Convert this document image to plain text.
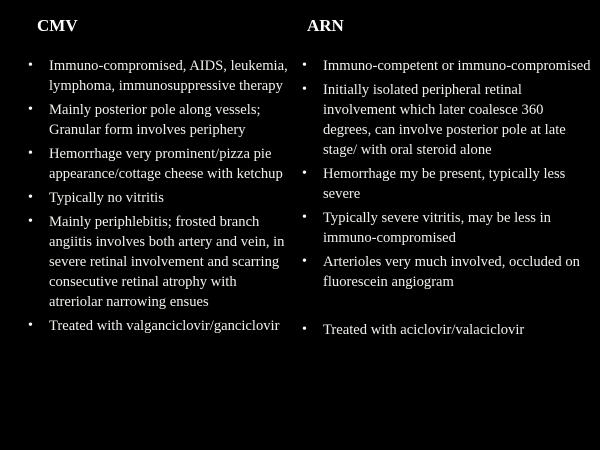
CMV
• Immuno-compromised, AIDS, leukemia, lymphoma, immunosuppressive therapy
• Mainly posterior pole along vessels; Granular form involves periphery
• Hemorrhage very prominent/pizza pie appearance/cottage cheese with ketchup
• Typically no vitritis
• Mainly periphlebitis; frosted branch angiitis involves both artery and vein, in severe retinal involvement and scarring consecutive retinal atrophy with atreriolar narrowing ensues
• Treated with valganciclovir/ganciclovir
ARN
• Immuno-competent or immuno-compromised
• Initially isolated peripheral retinal involvement which later coalesce 360 degrees, can involve posterior pole at late stage/ with oral steroid alone
• Hemorrhage my be present, typically less severe
• Typically severe vitritis, may be less in immuno-compromised
• Arterioles very much involved, occluded on fluorescein angiogram
• Treated with aciclovir/valaciclovir
